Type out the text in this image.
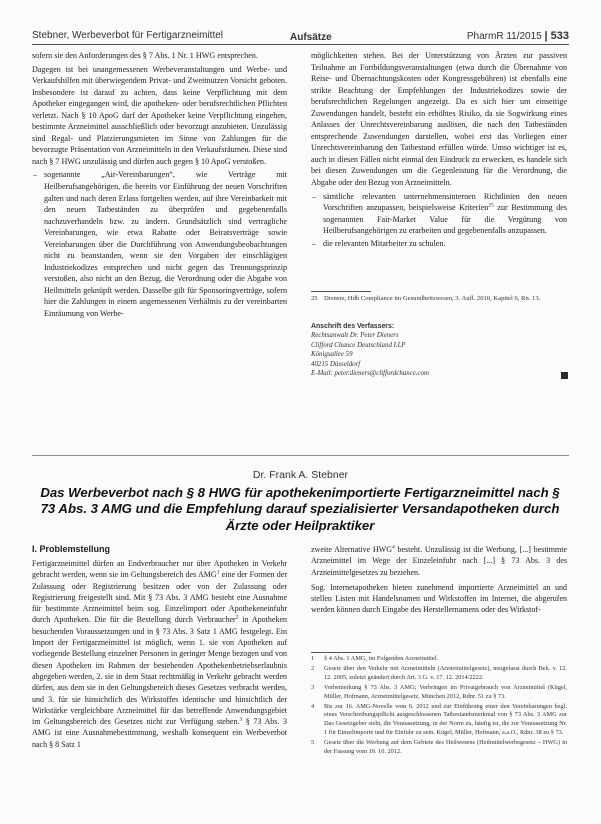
Stebner, Werbeverbot für Fertigarzneimittel	Aufsätze	PharmR 11/2015 | 533

sofern sie den Anforderungen des § 7 Abs. 1 Nr. 1 HWG entsprechen.

Dagegen ist bei unangemessenen Werbeveranstaltungen und Werbe- und Verkaufshilfen mit überwiegendem Privat- und Zweitnutzen Vorsicht geboten. Insbesondere ist darauf zu achten, dass keine Verpflichtung mit dem Apotheker eingegangen wird, die apotheken- oder berufsrechtlichen Pflichten verletzt. Nach § 10 ApoG darf der Apotheker keine Verpflichtung eingehen, bestimmte Arzneimittel ausschließlich oder bevorzugt anzubieten. Unzulässig sind Regal- und Platzierungsmieten im Sinne von Zahlungen für die bevorzugte Präsentation von Arzneimitteln in den Verkaufsräumen. Diese sind nach § 7 HWG unzulässig und dürfen auch gegen § 10 ApoG verstoßen.

– sogenannte „Air-Vereinbarungen“, wie Verträge mit Heilberufsangehörigen, die bereits vor Einführung der neuen Vorschriften galten und nach deren Erlass fortgelten werden, auf ihre Vereinbarkeit mit den neuen Tatbeständen zu überprüfen und gegebenenfalls nachzuverhandeln bzw. zu ändern. Grundsätzlich sind vertragliche Vereinbarungen, wie etwa Rabatte oder Beiratsverträge sowie Vereinbarungen über die Durchführung von Anwendungsbeobachtungen nicht zu beanstanden, wenn sie den Vorgaben der einschlägigen Industriekodizes entsprechen und nicht gegen das Trennungsprinzip verstoßen, also nicht an den Bezug, die Verordnung oder die Abgabe von Heilmitteln geknüpft werden. Dasselbe gilt für Sponsoringverträge, sofern hier die Zahlungen in einem angemessenen Verhältnis zu der vereinbarten Einräumung von Werbe-

möglichkeiten stehen. Bei der Unterstützung von Ärzten zur passiven Teilnahme an Fortbildungsveranstaltungen (etwa durch die Übernahme von Reise- und Übernachtungskosten oder Kongressgebühren) ist ebenfalls eine strikte Beachtung der Empfehlungen der Industriekodizes sowie der berufsrechtlichen Regelungen angezeigt. Da es sich hier um einseitige Zuwendungen handelt, besteht ein erhöhtes Risiko, da sie Sogwirkung eines Anlasses der Unrechtsvereinbarung auslösen, die nach den Tatbeständen entsprechende Zuwendungen darstellen, wobei erst das Vorliegen einer Unrechtsvereinbarung den Tatbestand erfüllen würde. Umso wichtiger ist es, auch in diesen Fällen nicht einmal den Eindruck zu erwecken, es handele sich bei diesen Zuwendungen um die Gegenleistung für die Verordnung, die Abgabe oder den Bezug von Arzneimitteln.

– sämtliche relevanten unternehmensinternen Richtlinien den neuen Vorschriften anzupassen, beispielsweise Kriterien$^{25}$ zur Bestimmung des sogenannten Fair-Market Value für die Vergütung von Heilberufsangehörigen zu erarbeiten und gegebenenfalls anzupassen.
– die relevanten Mitarbeiter zu schulen.
25 Dieners, Hdb Compliance im Gesundheitswesen, 3. Aufl. 2010, Kapitel 6, Rn. 13.
Anschrift des Verfassers:
Rechtsanwalt Dr. Peter Dieners
Clifford Chance Deutschland LLP
Königsallee 59
40215 Düsseldorf
E-Mail: peter.dieners@cliffordchance.com
Dr. Frank A. Stebner
Das Werbeverbot nach § 8 HWG für apothekenimportierte Fertigarzneimittel nach § 73 Abs. 3 AMG und die Empfehlung darauf spezialisierter Versandapotheken durch Ärzte oder Heilpraktiker
I. Problemstellung

Fertigarzneimittel dürfen an Endverbraucher nur über Apotheken in Verkehr gebracht werden, wenn sie im Geltungsbereich des AMG$^1$ eine der Formen der Zulassung oder Registrierung besitzen oder von der Zulassung oder Registrierung freigestellt sind. Mit § 73 Abs. 3 AMG besteht eine Ausnahme für bestimmte Arzneimittel beim sog. Einzelimport oder Apothekeneinfuhr durch Apotheken. Die für die Bestellung durch Verbraucher$^2$ in Apotheken besuchenden Voraussetzungen und in § 73 Abs. 3 Satz 1 AMG festgelegt. Ein Import der Fertigarzneimittel ist möglich, wenn 1. sie von Apotheken auf vorliegende Bestellung einzelner Personen in geringer Menge bezogen und von diesen Apotheken im Rahmen der bestehenden Apothekenbetriebserlaubnis abgegeben werden, 2. sie in dem Staat rechtmäßig in Verkehr gebracht werden dürfen, aus dem sie in den Geltungsbereich dieses Gesetzes verbracht werden, und 3. für sie hinsichtlich des Wirkstoffes identische und hinsichtlich der Wirkstärke vergleichbare Arzneimittel für das betreffende Anwendungsgebiet im Geltungsbereich des Gesetzes nicht zur Verfügung stehen.$^3$ § 73 Abs. 3 AMG ist eine Ausnahmebestimmung, weshalb konsequent ein Werbeverbot nach § 8 Satz 1

zweite Alternative HWG$^4$ besteht. Unzulässig ist die Werbung, [...] bestimmte Arzneimittel im Wege der Einzeleinfuhr nach [...] § 73 Abs. 3 des Arzneimittelgesetzes zu beziehen.

Sog. Internetapotheken bieten zunehmend importierte Arzneimittel an und stellen Listen mit Handelsnamen und Wirkstoffen im Internet, die abgerufen werden können durch Eingabe des Herstellernamens oder des Wirkstof-

1 § 4 Abs. 1 AMG, im Folgenden Arzneimittel.
2 Gesetz über den Verkehr mit Arzneimitteln (Arzneimittelgesetz), neugefasst durch Bek. v. 12. 12. 2005, zuletzt geändert durch Art. 3 G. v. 17. 12. 2014/2222.
3 Vorbemerkung § 73 Abs. 3 AMG; Verbringen im Privatgebrauch von Arzneimittel (Kügel, Müller, Hofmann, Arzneimittelgesetz, München 2012, Rdnr. 51 zu § 73.
4 Bis zur 16. AMG-Novelle vom 6. 2012 und zur Einführung einer den Vereinbarungen bzgl. eines Verschreibungspflicht ausgeschlossenen Tatbestandsmerkmal von § 73 Abs. 3 AMG zur Das Gesetzgeber sieht, die Voraussetzung, in der Norm zu, häufig ist, die zur Voraussetzung Nr. 1 für Einzelimporte und für Einfuhr zu sein. Kügel, Müller, Hofmann, a.a.O., Rdnr. 38 zu § 73.
5 Gesetz über die Werbung auf dem Gebiete des Heilwesens (Heilmittelwerbegesetz – HWG) in der Fassung vom 19. 10. 2012.
